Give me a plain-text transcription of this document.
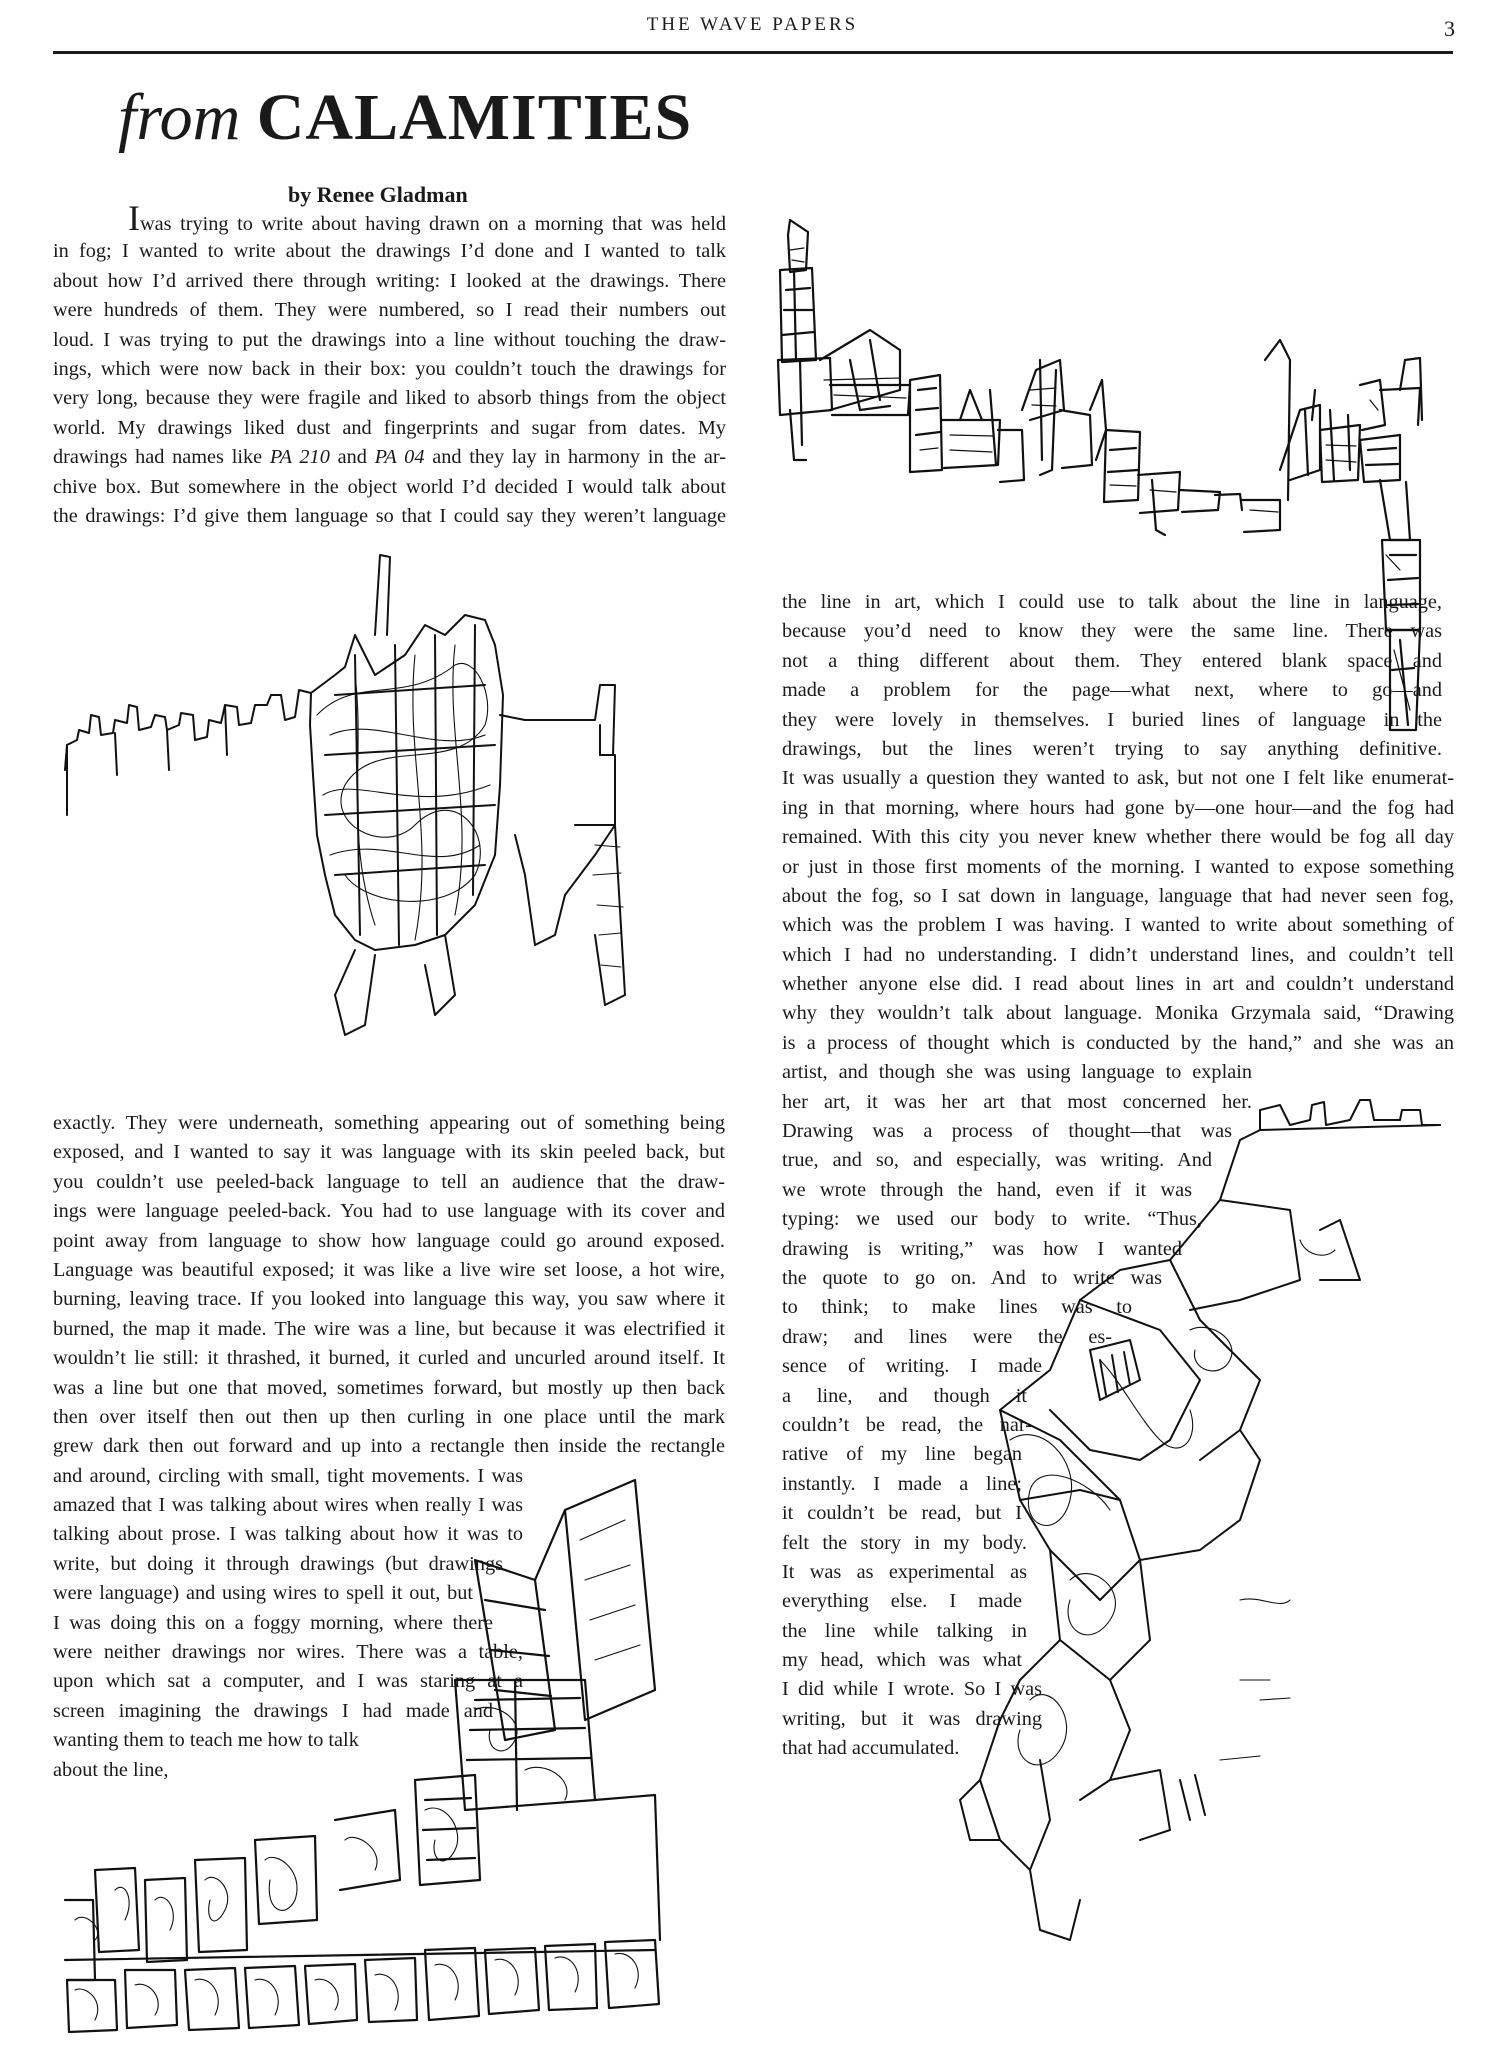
THE WAVE PAPERS	3
from CALAMITIES

by Renee Gladman

Iwas trying to write about having drawn on a morning that was held
in fog; I wanted to write about the drawings I’d done and I wanted to talk
about how I’d arrived there through writing: I looked at the drawings. There
were hundreds of them. They were numbered, so I read their numbers out
loud. I was trying to put the drawings into a line without touching the draw-
ings, which were now back in their box: you couldn’t touch the drawings for
very long, because they were fragile and liked to absorb things from the object
world. My drawings liked dust and fingerprints and sugar from dates. My
drawings had names like PA 210 and PA 04 and they lay in harmony in the ar-
chive box. But somewhere in the object world I’d decided I would talk about
the drawings: I’d give them language so that I could say they weren’t language
the line in art, which I could use to talk about the line in language,
because you’d need to know they were the same line. There was
not a thing different about them. They entered blank space and
made a problem for the page—what next, where to go—and
they were lovely in themselves. I buried lines of language in the
drawings, but the lines weren’t trying to say anything definitive.
It was usually a question they wanted to ask, but not one I felt like enumerat-
ing in that morning, where hours had gone by—one hour—and the fog had
remained. With this city you never knew whether there would be fog all day
or just in those first moments of the morning. I wanted to expose something
about the fog, so I sat down in language, language that had never seen fog,
which was the problem I was having. I wanted to write about something of
which I had no understanding. I didn’t understand lines, and couldn’t tell
whether anyone else did. I read about lines in art and couldn’t understand
why they wouldn’t talk about language. Monika Grzymala said, “Drawing
is a process of thought which is conducted by the hand,” and she was an
artist, and though she was using language to explain
her art, it was her art that most concerned her.
Drawing was a process of thought—that was
true, and so, and especially, was writing. And
we wrote through the hand, even if it was
typing: we used our body to write. “Thus,
drawing is writing,” was how I wanted
the quote to go on. And to write was
to think; to make lines was to
draw; and lines were the es-
sence of writing. I made
a line, and though it
couldn’t be read, the nar-
rative of my line began
instantly. I made a line;
it couldn’t be read, but I
felt the story in my body.
It was as experimental as
everything else. I made
the line while talking in
my head, which was what
I did while I wrote. So I was
writing, but it was drawing
that had accumulated.
exactly. They were underneath, something appearing out of something being
exposed, and I wanted to say it was language with its skin peeled back, but
you couldn’t use peeled-back language to tell an audience that the draw-
ings were language peeled-back. You had to use language with its cover and
point away from language to show how language could go around exposed.
Language was beautiful exposed; it was like a live wire set loose, a hot wire,
burning, leaving trace. If you looked into language this way, you saw where it
burned, the map it made. The wire was a line, but because it was electrified it
wouldn’t lie still: it thrashed, it burned, it curled and uncurled around itself. It
was a line but one that moved, sometimes forward, but mostly up then back
then over itself then out then up then curling in one place until the mark
grew dark then out forward and up into a rectangle then inside the rectangle
and around, circling with small, tight movements. I was
amazed that I was talking about wires when really I was
talking about prose. I was talking about how it was to
write, but doing it through drawings (but drawings
were language) and using wires to spell it out, but
I was doing this on a foggy morning, where there
were neither drawings nor wires. There was a table,
upon which sat a computer, and I was staring at a
screen imagining the drawings I had made and
wanting them to teach me how to talk
about the line,
